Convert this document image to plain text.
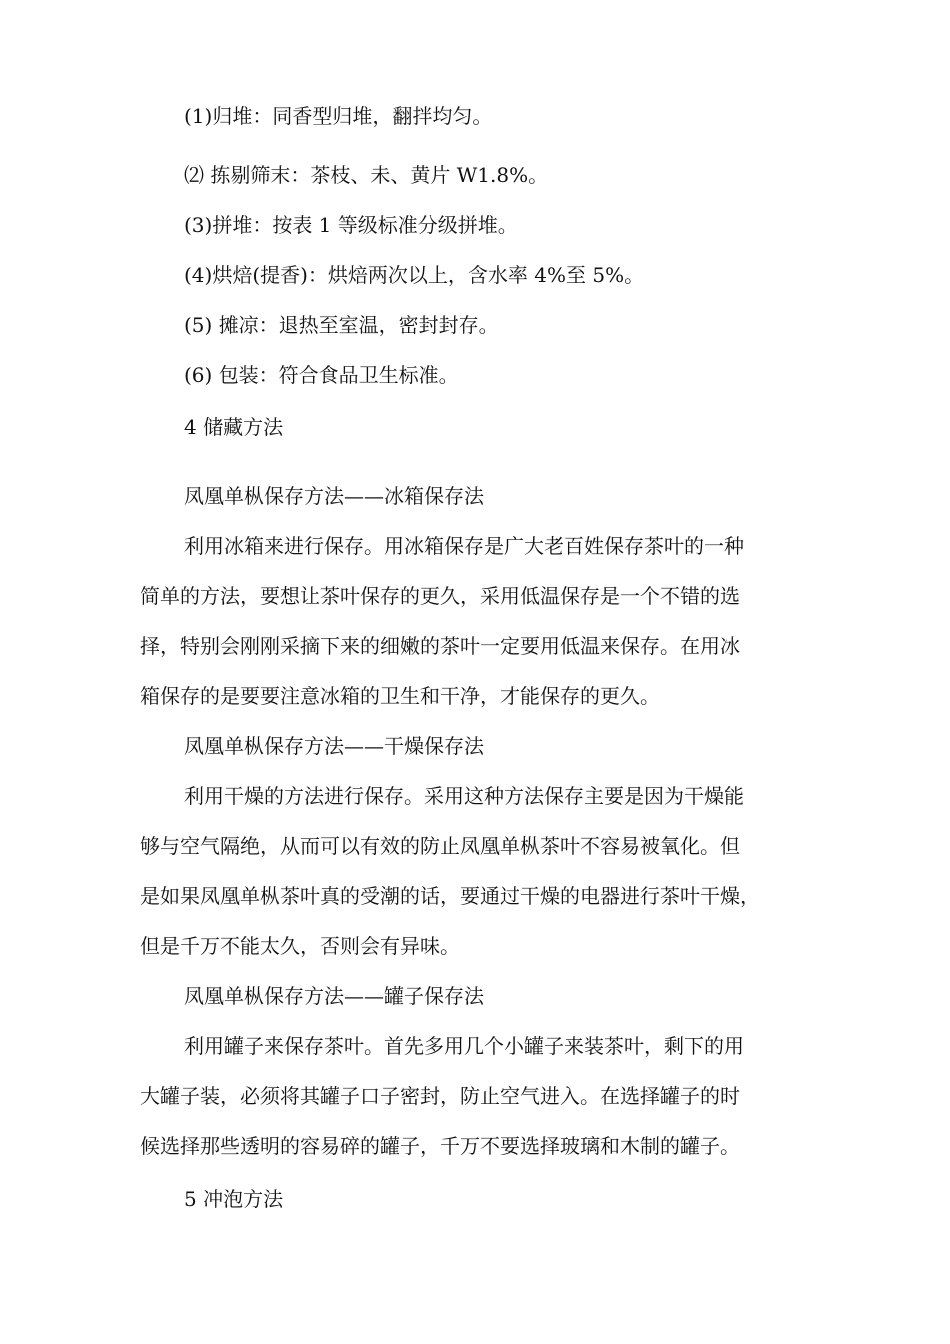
(1)归堆：同香型归堆，翻拌均匀。
⑵ 拣剔筛末：茶枝、未、黄片 W1.8%。
(3)拼堆：按表 1 等级标准分级拼堆。
(4)烘焙(提香)：烘焙两次以上，含水率 4%至 5%。
(5) 摊凉：退热至室温，密封封存。
(6) 包装：符合食品卫生标准。
4 储藏方法
凤凰单枞保存方法——冰箱保存法
利用冰箱来进行保存。用冰箱保存是广大老百姓保存茶叶的一种
简单的方法，要想让茶叶保存的更久，采用低温保存是一个不错的选
择，特别会刚刚采摘下来的细嫩的茶叶一定要用低温来保存。在用冰
箱保存的是要要注意冰箱的卫生和干净，才能保存的更久。
凤凰单枞保存方法——干燥保存法
利用干燥的方法进行保存。采用这种方法保存主要是因为干燥能
够与空气隔绝，从而可以有效的防止凤凰单枞茶叶不容易被氧化。但
是如果凤凰单枞茶叶真的受潮的话，要通过干燥的电器进行茶叶干燥，
但是千万不能太久，否则会有异味。
凤凰单枞保存方法——罐子保存法
利用罐子来保存茶叶。首先多用几个小罐子来装茶叶，剩下的用
大罐子装，必须将其罐子口子密封，防止空气进入。在选择罐子的时
候选择那些透明的容易碎的罐子，千万不要选择玻璃和木制的罐子。
5 冲泡方法
